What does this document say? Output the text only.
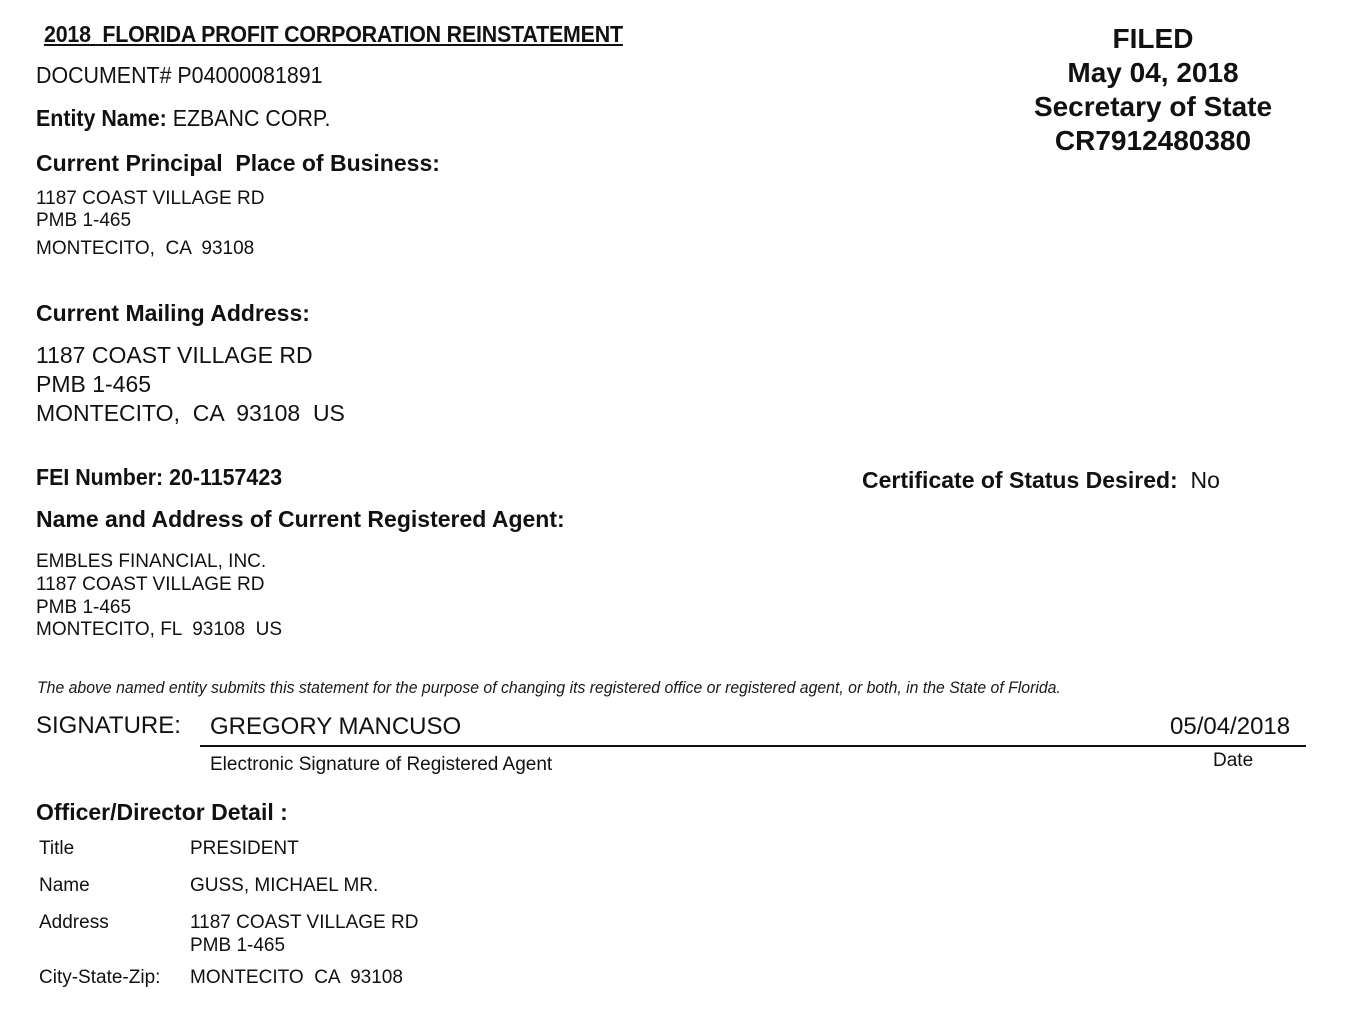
2018  FLORIDA PROFIT CORPORATION REINSTATEMENT
DOCUMENT# P04000081891
Entity Name: EZBANC CORP.
FILED
May 04, 2018
Secretary of State
CR7912480380
Current Principal  Place of Business:
1187 COAST VILLAGE RD
PMB 1-465
MONTECITO,  CA  93108
Current Mailing Address:
1187 COAST VILLAGE RD
PMB 1-465
MONTECITO,  CA  93108  US
FEI Number: 20-1157423	Certificate of Status Desired: No
Name and Address of Current Registered Agent:
EMBLES FINANCIAL, INC.
1187 COAST VILLAGE RD
PMB 1-465
MONTECITO, FL  93108  US
The above named entity submits this statement for the purpose of changing its registered office or registered agent, or both, in the State of Florida.
SIGNATURE: GREGORY MANCUSO	05/04/2018
Electronic Signature of Registered Agent	Date
Officer/Director Detail :
Title	PRESIDENT
Name	GUSS, MICHAEL MR.
Address	1187 COAST VILLAGE RD
PMB 1-465
City-State-Zip: MONTECITO  CA  93108
